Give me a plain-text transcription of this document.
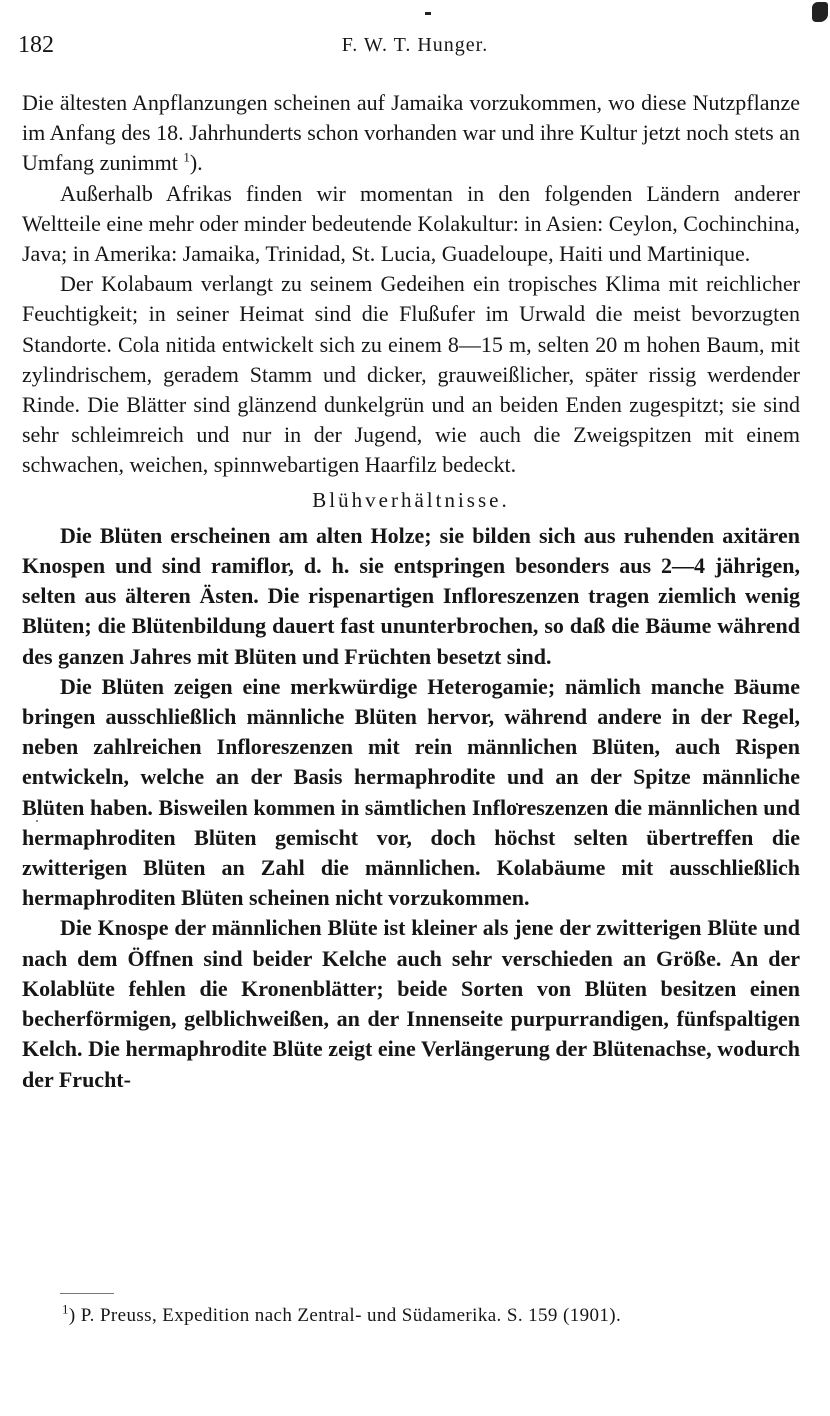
182	F. W. T. Hunger.

Die ältesten Anpflanzungen scheinen auf Jamaika vorzukommen, wo diese Nutzpflanze im Anfang des 18. Jahrhunderts schon vorhanden war und ihre Kultur jetzt noch stets an Umfang zunimmt $^1$).

Außerhalb Afrikas finden wir momentan in den folgenden Ländern anderer Weltteile eine mehr oder minder bedeutende Kolakultur: in Asien: Ceylon, Cochinchina, Java; in Amerika: Jamaika, Trinidad, St. Lucia, Guadeloupe, Haiti und Martinique.

Der Kolabaum verlangt zu seinem Gedeihen ein tropisches Klima mit reichlicher Feuchtigkeit; in seiner Heimat sind die Flußufer im Urwald die meist bevorzugten Standorte. Cola nitida entwickelt sich zu einem 8—15 m, selten 20 m hohen Baum, mit zylindrischem, geradem Stamm und dicker, grauweißlicher, später rissig werdender Rinde. Die Blätter sind glänzend dunkelgrün und an beiden Enden zugespitzt; sie sind sehr schleimreich und nur in der Jugend, wie auch die Zweigspitzen mit einem schwachen, weichen, spinnwebartigen Haarfilz bedeckt.

Blühverhältnisse.

Die Blüten erscheinen am alten Holze; sie bilden sich aus ruhenden axitären Knospen und sind ramiflor, d. h. sie entspringen besonders aus 2—4 jährigen, selten aus älteren Ästen. Die rispenartigen Infloreszenzen tragen ziemlich wenig Blüten; die Blütenbildung dauert fast ununterbrochen, so daß die Bäume während des ganzen Jahres mit Blüten und Früchten besetzt sind.

Die Blüten zeigen eine merkwürdige Heterogamie; nämlich manche Bäume bringen ausschließlich männliche Blüten hervor, während andere in der Regel, neben zahlreichen Infloreszenzen mit rein männlichen Blüten, auch Rispen entwickeln, welche an der Basis hermaphrodite und an der Spitze männliche Blüten haben. Bisweilen kommen in sämtlichen Infloreszenzen die männlichen und hermaphroditen Blüten gemischt vor, doch höchst selten übertreffen die zwitterigen Blüten an Zahl die männlichen. Kolabäume mit ausschließlich hermaphroditen Blüten scheinen nicht vorzukommen.

Die Knospe der männlichen Blüte ist kleiner als jene der zwitterigen Blüte und nach dem Öffnen sind beider Kelche auch sehr verschieden an Größe. An der Kolablüte fehlen die Kronenblätter; beide Sorten von Blüten besitzen einen becherförmigen, gelblichweißen, an der Innenseite purpurrandigen, fünfspaltigen Kelch. Die hermaphrodite Blüte zeigt eine Verlängerung der Blütenachse, wodurch der Frucht-

$^1$) P. Preuss, Expedition nach Zentral- und Südamerika. S. 159 (1901).
